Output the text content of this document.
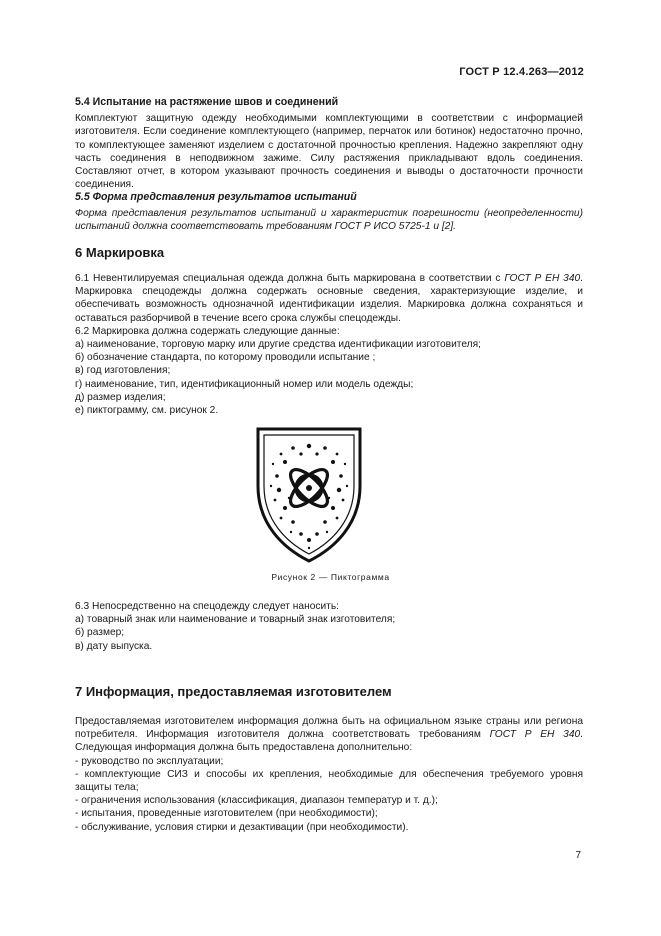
ГОСТ Р 12.4.263—2012

5.4 Испытание на растяжение швов и соединений

Комплектуют защитную одежду необходимыми комплектующими в соответствии с информацией изготовителя. Если соединение комплектующего (например, перчаток или ботинок) недостаточно прочно, то комплектующее заменяют изделием с достаточной прочностью крепления. Надежно закрепляют одну часть соединения в неподвижном зажиме. Силу растяжения прикладывают вдоль соединения. Составляют отчет, в котором указывают прочность соединения и выводы о достаточности прочности соединения.

5.5 Форма представления результатов испытаний

Форма представления результатов испытаний и характеристик погрешности (неопределенности) испытаний должна соответствовать требованиям ГОСТ Р ИСО 5725-1 и [2].

6 Маркировка

6.1 Невентилируемая специальная одежда должна быть маркирована в соответствии с ГОСТ Р ЕН 340. Маркировка спецодежды должна содержать основные сведения, характеризующие изделие, и обеспечивать возможность однозначной идентификации изделия. Маркировка должна сохраняться и оставаться разборчивой в течение всего срока службы спецодежды.

6.2 Маркировка должна содержать следующие данные:

а) наименование, торговую марку или другие средства идентификации изготовителя;

б) обозначение стандарта, по которому проводили испытание ;

в) год изготовления;

г) наименование, тип, идентификационный номер или модель одежды;

д) размер изделия;

е) пиктограмму, см. рисунок 2.

Рисунок 2 — Пиктограмма

6.3 Непосредственно на спецодежду следует наносить:

а) товарный знак или наименование и товарный знак изготовителя;

б) размер;

в) дату выпуска.

7 Информация, предоставляемая изготовителем

Предоставляемая изготовителем информация должна быть на официальном языке страны или региона потребителя. Информация изготовителя должна соответствовать требованиям ГОСТ Р ЕН 340. Следующая информация должна быть предоставлена дополнительно:

- руководство по эксплуатации;

- комплектующие СИЗ и способы их крепления, необходимые для обеспечения требуемого уровня защиты тела;

- ограничения использования (классификация, диапазон температур и т. д.);

- испытания, проведенные изготовителем (при необходимости);

- обслуживание, условия стирки и дезактивации (при необходимости).

7
